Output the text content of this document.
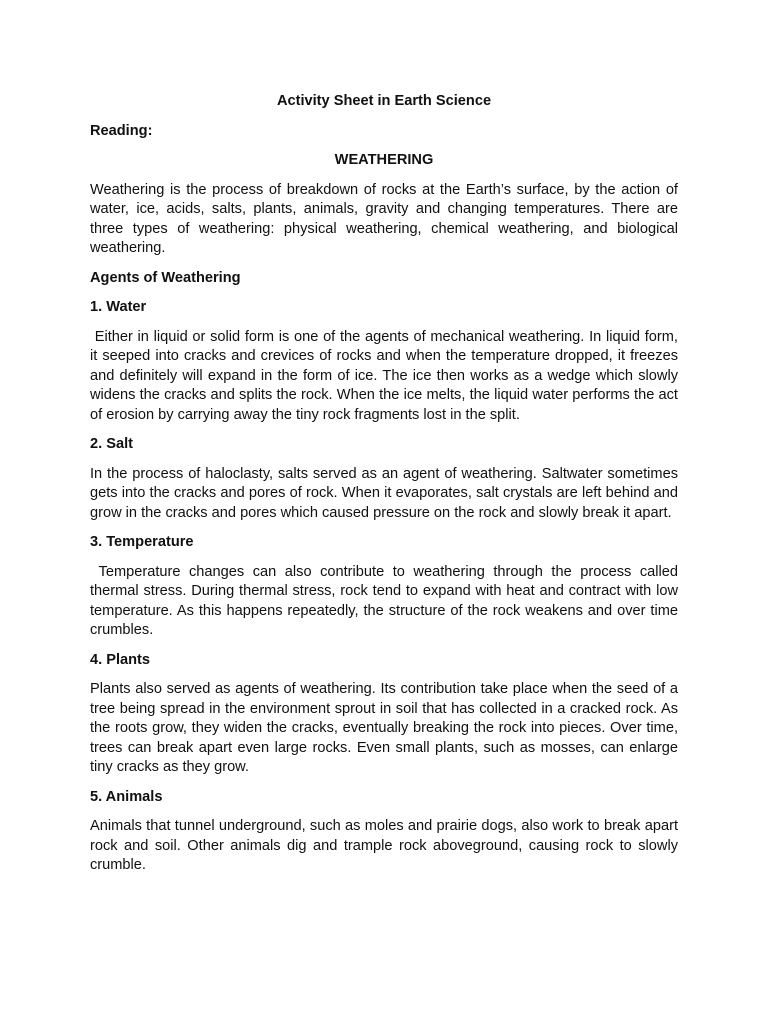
Activity Sheet in Earth Science
Reading:
WEATHERING
Weathering is the process of breakdown of rocks at the Earth’s surface, by the action of water, ice, acids, salts, plants, animals, gravity and changing temperatures. There are three types of weathering: physical weathering, chemical weathering, and biological weathering.
Agents of Weathering
1. Water
Either in liquid or solid form is one of the agents of mechanical weathering. In liquid form, it seeped into cracks and crevices of rocks and when the temperature dropped, it freezes and definitely will expand in the form of ice. The ice then works as a wedge which slowly widens the cracks and splits the rock. When the ice melts, the liquid water performs the act of erosion by carrying away the tiny rock fragments lost in the split.
2. Salt
In the process of haloclasty, salts served as an agent of weathering. Saltwater sometimes gets into the cracks and pores of rock. When it evaporates, salt crystals are left behind and grow in the cracks and pores which caused pressure on the rock and slowly break it apart.
3. Temperature
Temperature changes can also contribute to weathering through the process called thermal stress. During thermal stress, rock tend to expand with heat and contract with low temperature. As this happens repeatedly, the structure of the rock weakens and over time crumbles.
4. Plants
Plants also served as agents of weathering. Its contribution take place when the seed of a tree being spread in the environment sprout in soil that has collected in a cracked rock. As the roots grow, they widen the cracks, eventually breaking the rock into pieces. Over time, trees can break apart even large rocks. Even small plants, such as mosses, can enlarge tiny cracks as they grow.
5. Animals
Animals that tunnel underground, such as moles and prairie dogs, also work to break apart rock and soil. Other animals dig and trample rock aboveground, causing rock to slowly crumble.
